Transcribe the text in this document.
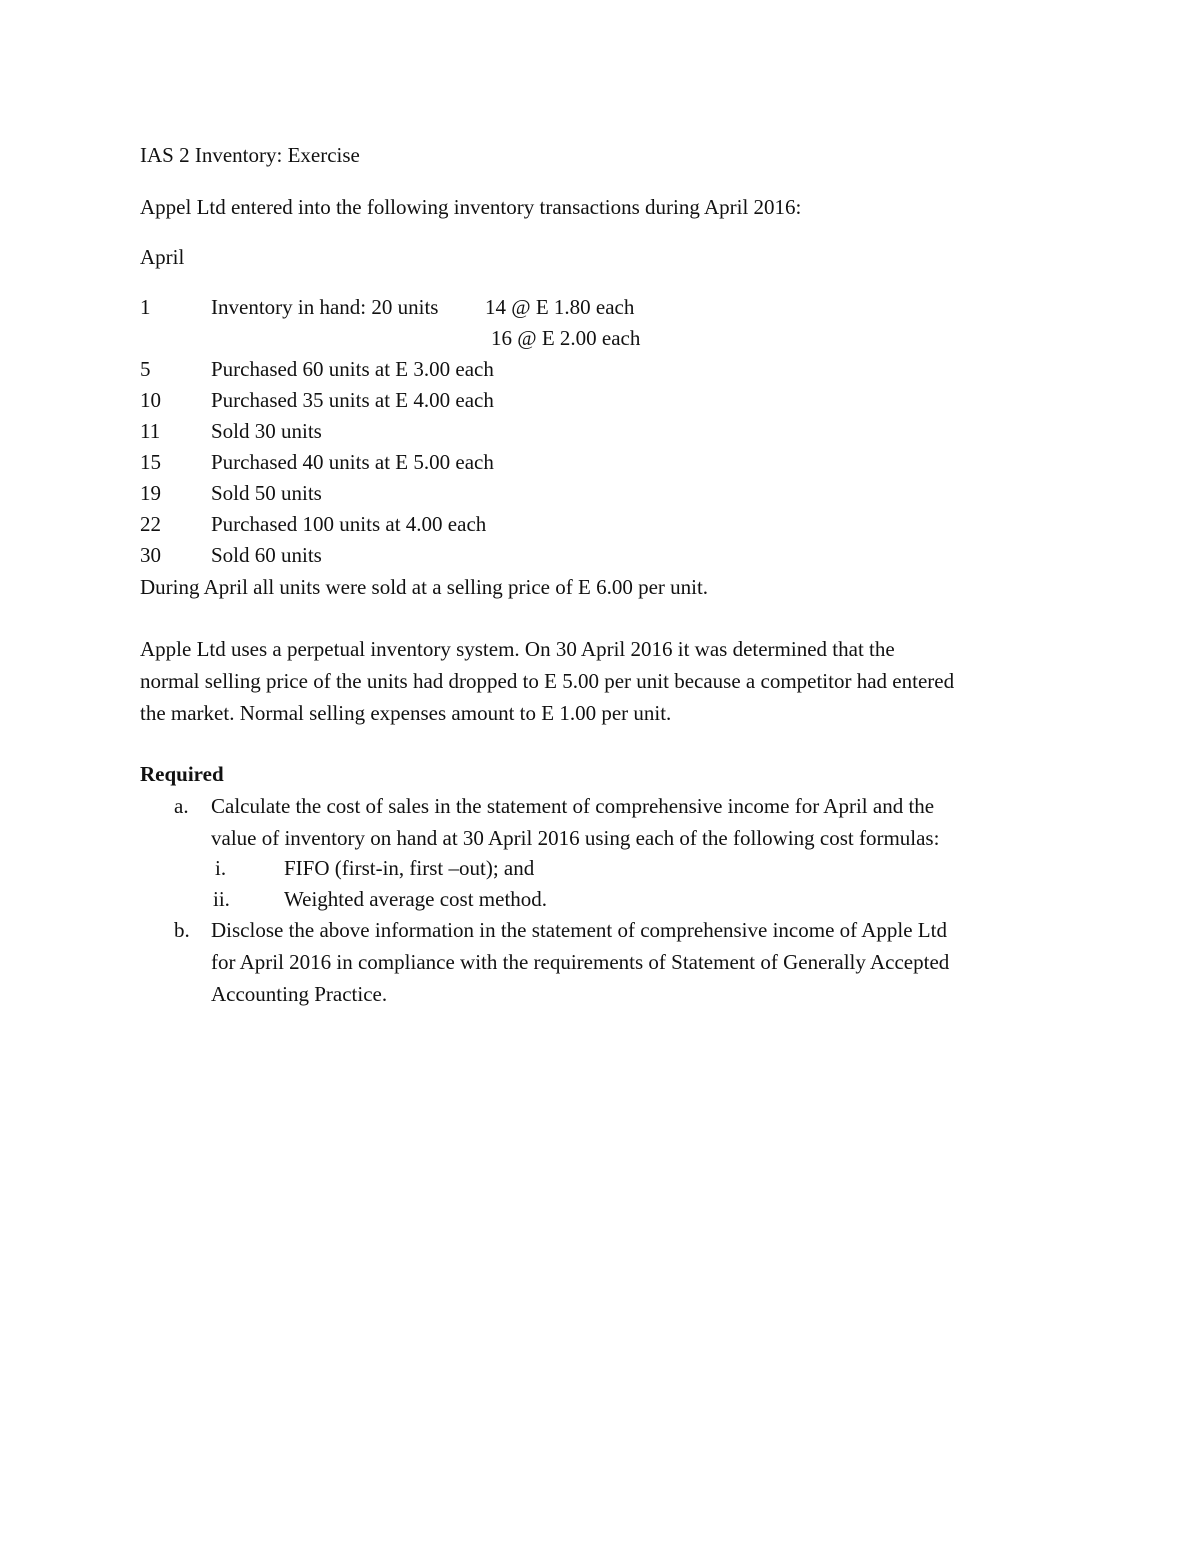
IAS 2 Inventory: Exercise
Appel Ltd entered into the following inventory transactions during April 2016:
April
1	Inventory in hand: 20 units 14 @ E 1.80 each
16 @ E 2.00 each
5	Purchased 60 units at E 3.00 each
10 Purchased 35 units at E 4.00 each
11 Sold 30 units
15 Purchased 40 units at E 5.00 each
19 Sold 50 units
22 Purchased 100 units at 4.00 each
30 Sold 60 units
During April all units were sold at a selling price of E 6.00 per unit.
Apple Ltd uses a perpetual inventory system. On 30 April 2016 it was determined that the
normal selling price of the units had dropped to E 5.00 per unit because a competitor had entered
the market. Normal selling expenses amount to E 1.00 per unit.
Required
a. Calculate the cost of sales in the statement of comprehensive income for April and the
value of inventory on hand at 30 April 2016 using each of the following cost formulas:
i.	FIFO (first-in, first –out); and
ii.	Weighted average cost method.
b. Disclose the above information in the statement of comprehensive income of Apple Ltd
for April 2016 in compliance with the requirements of Statement of Generally Accepted
Accounting Practice.
